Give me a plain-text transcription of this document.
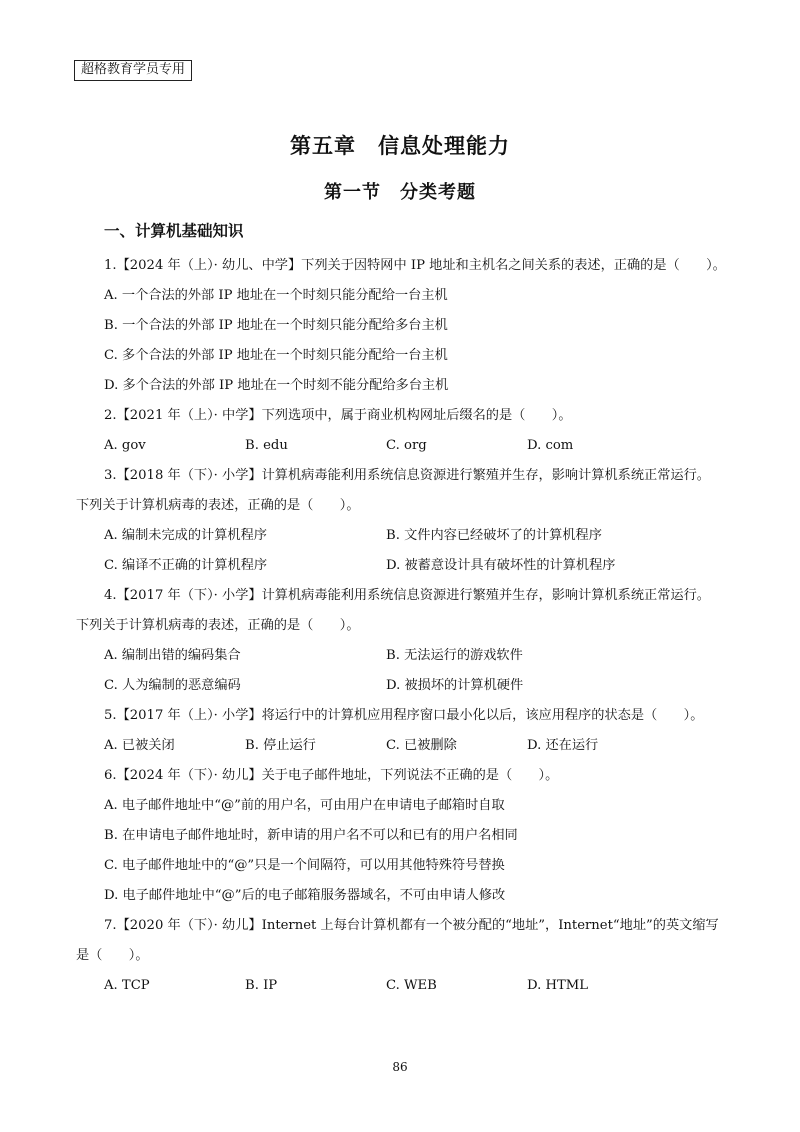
超格教育学员专用
第五章　信息处理能力
第一节　分类考题
一、计算机基础知识
1.【2024 年（上）· 幼儿、中学】下列关于因特网中 IP 地址和主机名之间关系的表述，正确的是（　　）。
A. 一个合法的外部 IP 地址在一个时刻只能分配给一台主机
B. 一个合法的外部 IP 地址在一个时刻只能分配给多台主机
C. 多个合法的外部 IP 地址在一个时刻只能分配给一台主机
D. 多个合法的外部 IP 地址在一个时刻不能分配给多台主机
2.【2021 年（上）· 中学】下列选项中，属于商业机构网址后缀名的是（　　）。
A. gov	B. edu	C. org	D. com
3.【2018 年（下）· 小学】计算机病毒能利用系统信息资源进行繁殖并生存，影响计算机系统正常运行。
下列关于计算机病毒的表述，正确的是（　　）。
A. 编制未完成的计算机程序	B. 文件内容已经破坏了的计算机程序
C. 编译不正确的计算机程序	D. 被蓄意设计具有破坏性的计算机程序
4.【2017 年（下）· 小学】计算机病毒能利用系统信息资源进行繁殖并生存，影响计算机系统正常运行。
下列关于计算机病毒的表述，正确的是（　　）。
A. 编制出错的编码集合	B. 无法运行的游戏软件
C. 人为编制的恶意编码	D. 被损坏的计算机硬件
5.【2017 年（上）· 小学】将运行中的计算机应用程序窗口最小化以后，该应用程序的状态是（　　）。
A. 已被关闭	B. 停止运行	C. 已被删除	D. 还在运行
6.【2024 年（下）· 幼儿】关于电子邮件地址，下列说法不正确的是（　　）。
A. 电子邮件地址中“@”前的用户名，可由用户在申请电子邮箱时自取
B. 在申请电子邮件地址时，新申请的用户名不可以和已有的用户名相同
C. 电子邮件地址中的“@”只是一个间隔符，可以用其他特殊符号替换
D. 电子邮件地址中“@”后的电子邮箱服务器域名，不可由申请人修改
7.【2020 年（下）· 幼儿】Internet 上每台计算机都有一个被分配的“地址”，Internet“地址”的英文缩写
是（　　）。
A. TCP	B. IP	C. WEB	D. HTML
86
